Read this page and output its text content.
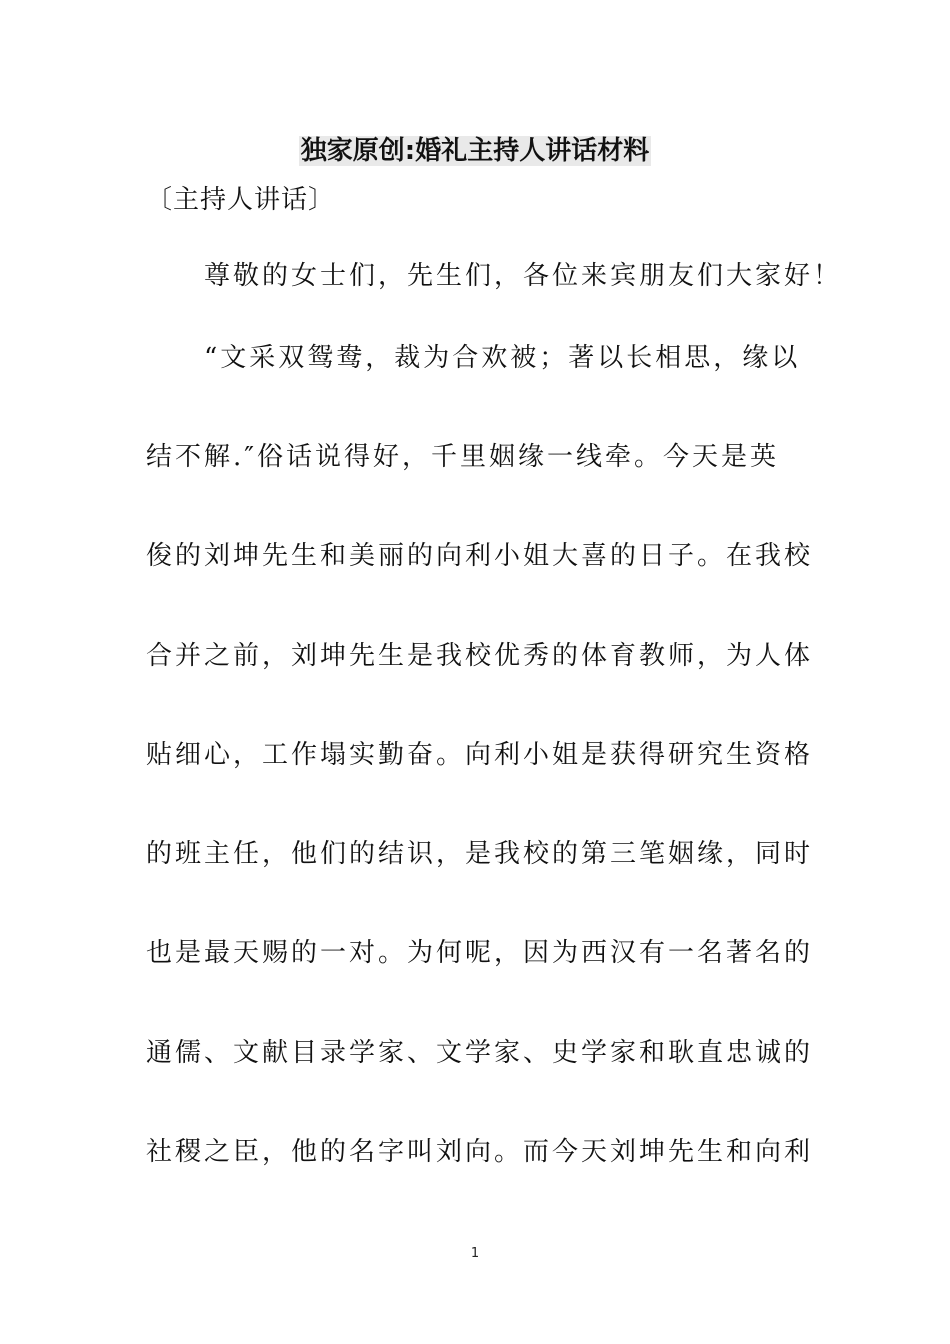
独家原创:婚礼主持人讲话材料
〔主持人讲话〕
尊敬的女士们，先生们，各位来宾朋友们大家好！
“文采双鸳鸯，裁为合欢被；著以长相思，缘以
结不解.″俗话说得好，千里姻缘一线牵。今天是英
俊的刘坤先生和美丽的向利小姐大喜的日子。在我校
合并之前，刘坤先生是我校优秀的体育教师，为人体
贴细心，工作塌实勤奋。向利小姐是获得研究生资格
的班主任，他们的结识，是我校的第三笔姻缘，同时
也是最天赐的一对。为何呢，因为西汉有一名著名的
通儒、文献目录学家、文学家、史学家和耿直忠诚的
社稷之臣，他的名字叫刘向。而今天刘坤先生和向利
1
